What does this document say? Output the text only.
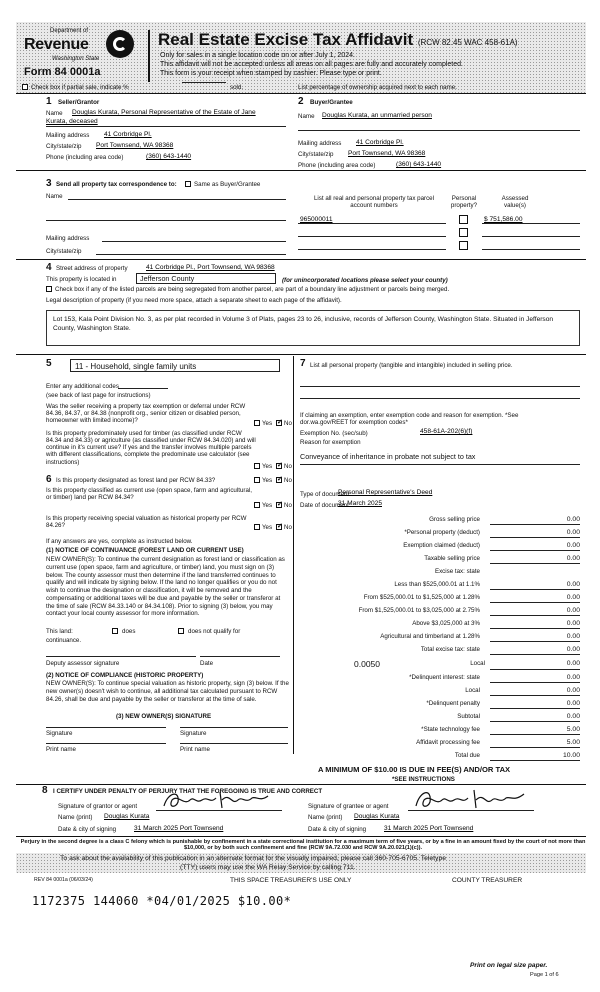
Department of
Revenue
Washington State
Form 84 0001a
Real Estate Excise Tax Affidavit (RCW 82.45 WAC 458-61A)
Only for sales in a single location code on or after July 1, 2024.
This affidavit will not be accepted unless all areas on all pages are fully and accurately completed.
This form is your receipt when stamped by cashier. Please type or print.
Check box if partial sale, indicate %	sold.	List percentage of ownership acquired next to each name.
1 Seller/Grantor
Name Douglas Kurata, Personal Representative of the Estate of Jane
Kurata, deceased
Mailing address 41 Corbridge Pl.
City/state/zip Port Townsend, WA 98368
Phone (including area code)	(360) 643-1440
2 Buyer/Grantee
Name Douglas Kurata, an unmarried person
Mailing address 41 Corbridge Pl.
City/state/zip Port Townsend, WA 98368
Phone (including area code)	(360) 643-1440
3 Send all property tax correspondence to:	Same as Buyer/Grantee
Name
Mailing address
City/state/zip
List all real and personal property tax parcel account numbers
Personal property?
Assessed value(s)
965000011	$ 751,586.00
4 Street address of property	41 Corbridge Pl., Port Townsend, WA 98368
This property is located in	Jefferson County	(for unincorporated locations please select your county)
Check box if any of the listed parcels are being segregated from another parcel, are part of a boundary line adjustment or parcels being merged.
Legal description of property (if you need more space, attach a separate sheet to each page of the affidavit).
Lot 153, Kala Point Division No. 3, as per plat recorded in Volume 3 of Plats, pages 23 to 26, inclusive, records of Jefferson County, Washington State. Situated in Jefferson County, Washington State.
5	11 - Household, single family units
Enter any additional codes
(see back of last page for instructions)
Was the seller receiving a property tax exemption or deferral under RCW 84.36, 84.37, or 84.38 (nonprofit org., senior citizen or disabled person, homeowner with limited income)?	Yes ✓ No
Is this property predominately used for timber (as classified under RCW 84.34 and 84.33) or agriculture (as classified under RCW 84.34.020) and will continue in it's current use? If yes and the transfer involves multiple parcels with different classifications, complete the predominate use calculator (see instructions)
Yes ✓ No
6 Is this property designated as forest land per RCW 84.33?	Yes ✓ No
Is this property classified as current use (open space, farm and agricultural, or timber) land per RCW 84.34?
Yes ✓ No
Is this property receiving special valuation as historical property per RCW 84.26?	Yes ✓ No
If any answers are yes, complete as instructed below.
(1) NOTICE OF CONTINUANCE (FOREST LAND OR CURRENT USE)
NEW OWNER(S): To continue the current designation as forest land or classification as current use (open space, farm and agriculture, or timber) land, you must sign on (3) below. The county assessor must then determine if the land transferred continues to qualify and will indicate by signing below. If the land no longer qualifies or you do not wish to continue the designation or classification, it will be removed and the compensating or additional taxes will be due and payable by the seller or transferor at the time of sale (RCW 84.33.140 or 84.34.108). Prior to signing (3) below, you may contact your local county assessor for more information.
This land:	does	does not qualify for
continuance.
Deputy assessor signature	Date
(2) NOTICE OF COMPLIANCE (HISTORIC PROPERTY)
NEW OWNER(S): To continue special valuation as historic property, sign (3) below. If the new owner(s) doesn't wish to continue, all additional tax calculated pursuant to RCW 84.26, shall be due and payable by the seller or transferor at the time of sale.
(3) NEW OWNER(S) SIGNATURE
Signature	Signature
Print name	Print name
7 List all personal property (tangible and intangible) included in selling price.
If claiming an exemption, enter exemption code and reason for exemption. *See dor.wa.gov/REET for exemption codes*
Exemption No. (sec/sub)	458-61A-202(6)(f)
Reason for exemption
Conveyance of inheritance in probate not subject to tax
Type of document
Personal Representative's Deed
Date of document
31 March 2025
Gross selling price	0.00
*Personal property (deduct)	0.00
Exemption claimed (deduct)	0.00
Taxable selling price	0.00
Excise tax: state
Less than $525,000.01 at 1.1%	0.00
From $525,000.01 to $1,525,000 at 1.28%	0.00
From $1,525,000.01 to $3,025,000 at 2.75%	0.00
Above $3,025,000 at 3%	0.00
Agricultural and timberland at 1.28%	0.00
Total excise tax: state	0.00
0.0050	Local	0.00
*Delinquent interest: state	0.00
Local	0.00
*Delinquent penalty	0.00
Subtotal	0.00
*State technology fee	5.00
Affidavit processing fee	5.00
Total due	10.00
A MINIMUM OF $10.00 IS DUE IN FEE(S) AND/OR TAX
*SEE INSTRUCTIONS
8 I CERTIFY UNDER PENALTY OF PERJURY THAT THE FOREGOING IS TRUE AND CORRECT
Signature of grantor or agent
Name (print) Douglas Kurata
Date & city of signing	31 March 2025 Port Townsend
Signature of grantee or agent
Name (print) Douglas Kurata
Date & city of signing	31 March 2025 Port Townsend
Perjury in the second degree is a class C felony which is punishable by confinement in a state correctional institution for a maximum term of five years, or by a fine in an amount fixed by the court of not more than $10,000, or by both such confinement and fine (RCW 9A.72.030 and RCW 9A.20.021(1)(c)).
To ask about the availability of this publication in an alternate format for the visually impaired, please call 360-705-6705. Teletype
(TTY) users may use the WA Relay Service by calling 711.
REV 84 0001a (06/03/24)	THIS SPACE TREASURER'S USE ONLY	COUNTY TREASURER
1172375 144060 *04/01/2025 $10.00*
Print on legal size paper.
Page 1 of 6
